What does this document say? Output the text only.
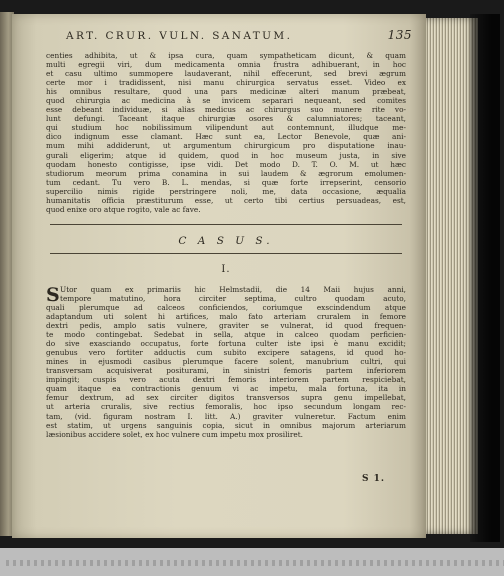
ART. CRUR. VULN. SANATUM.	135
centies adhibita, ut & ipsa cura, quam sympatheticam dicunt, & quam
multi egregii viri, dum medicamenta omnia frustra adhibuerant, in hoc
et casu ultimo summopere laudaverant, nihil effecerunt, sed brevi ægrum
certe mor i tradidissent, nisi manu chirurgica servatus esset. Video ex
his omnibus resultare, quod una pars medicinæ alteri manum præbeat,
quod chirurgia ac medicina à se invicem separari nequeant, sed comites
esse debeant individuæ, si alias medicus ac chirurgus suo munere rite vo-
lunt defungi. Taceant itaque chirurgiæ osores & calumniatores; taceant,
qui studium hoc nobilissimum vilipendunt aut contemnunt, illudque me-
dico indignum esse clamant. Hæc sunt ea, Lector Benevole, quæ ani-
mum mihi addiderunt, ut argumentum chirurgicum pro disputatione inau-
gurali eligerim; atque id quidem, quod in hoc museum justa, in sive
quodam honesto contigisse, ipse vidi. Det modo D. T. O. M. ut hæc
studiorum meorum prima conamina in sui laudem & ægrorum emolumen-
tum cedant. Tu vero B. L. mendas, si quæ forte irrepserint, censorio
supercilio nimis rigide perstringere noli, me, data occasione, æqualia
humanitatis officia præstiturum esse, ut certo tibi certius persuadeas, est,
quod enixe oro atque rogito, vale ac fave.
C A S U S.
I.
S Utor quam ex primariis hic Helmstadii, die 14 Maii hujus anni,
tempore matutino, hora circiter septima, cultro quodam acuto,
quali plerumque ad calceos conficiendos, coriumque exscindendum atque
adaptandum uti solent hi artifices, malo fato arteriam cruralem in femore
dextri pedis, amplo satis vulnere, graviter se vulnerat, id quod frequen-
te modo contingebat. Sedebat in sella, atque in calceo quodam perficien-
do sive exasciando occupatus, forte fortuna culter iste ipsi è manu excidit;
genubus vero fortiter adductis cum subito excipere satagens, id quod ho-
mines in ejusmodi casibus plerumque facere solent, manubrium cultri, qui
transversam acquisiverat positurami, in sinistri femoris partem inferiorem
impingit; cuspis vero acuta dextri femoris interiorem partem respiciebat,
quam itaque ea contractionis genuum vi ac impetu, mala fortuna, ita in
femur dextrum, ad sex circiter digitos transversos supra genu impellebat,
ut arteria cruralis, sive rectius femoralis, hoc ipso secundum longam rec-
tam, (vid. figuram nostram I. litt. A.) graviter vulneretur. Factum enim
est statim, ut urgens sanguinis copia, sicut in omnibus majorum arteriarum
læsionibus accidere solet, ex hoc vulnere cum impetu mox prosiliret.
S 1.
